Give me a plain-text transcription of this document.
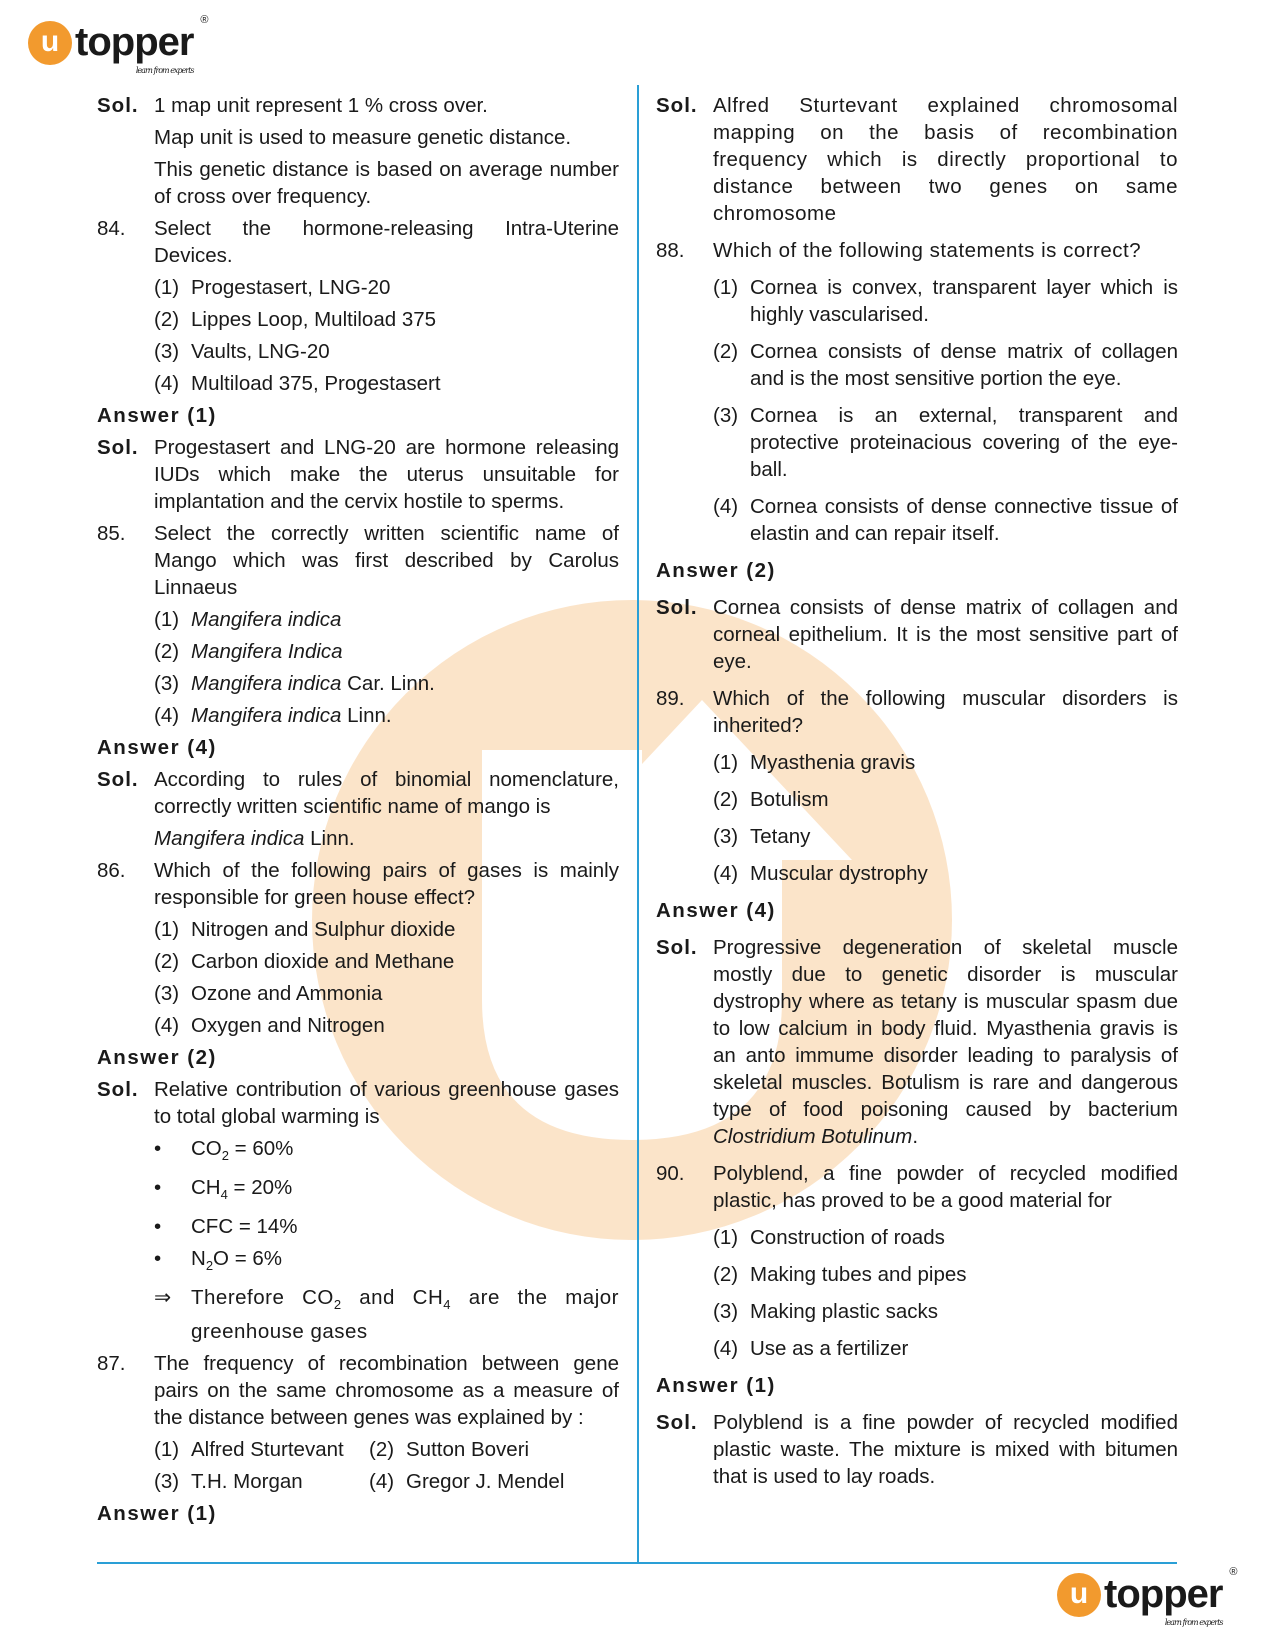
u topper ®
learn from experts
Sol. 1 map unit represent 1 % cross over.
Map unit is used to measure genetic distance.
This genetic distance is based on average number of cross over frequency.
84.	Select the hormone-releasing Intra-Uterine Devices.
(1) Progestasert, LNG-20
(2) Lippes Loop, Multiload 375
(3) Vaults, LNG-20
(4) Multiload 375, Progestasert
Answer (1)
Sol. Progestasert and LNG-20 are hormone releasing IUDs which make the uterus unsuitable for implantation and the cervix hostile to sperms.
85.	Select the correctly written scientific name of Mango which was first described by Carolus Linnaeus
(1) Mangifera indica
(2) Mangifera Indica
(3) Mangifera indica Car. Linn.
(4) Mangifera indica Linn.
Answer (4)
Sol. According to rules of binomial nomenclature, correctly written scientific name of mango is
Mangifera indica Linn.
86.	Which of the following pairs of gases is mainly responsible for green house effect?
(1) Nitrogen and Sulphur dioxide
(2) Carbon dioxide and Methane
(3) Ozone and Ammonia
(4) Oxygen and Nitrogen
Answer (2)
Sol. Relative contribution of various greenhouse gases to total global warming is
•	$CO_2 = 60\%$
•	$CH_4 = 20\%$
•	CFC = 14%
•	$N_2O = 6\%$
⇒ Therefore $CO_2$ and $CH_4$ are the major greenhouse gases
87.	The frequency of recombination between gene pairs on the same chromosome as a measure of the distance between genes was explained by :
(1) Alfred Sturtevant (2) Sutton Boveri
(3) T.H. Morgan	(4) Gregor J. Mendel
Answer (1)
Sol. Alfred Sturtevant explained chromosomal mapping on the basis of recombination frequency which is directly proportional to distance between two genes on same chromosome
88.	Which of the following statements is correct?
(1) Cornea is convex, transparent layer which is highly vascularised.
(2) Cornea consists of dense matrix of collagen and is the most sensitive portion the eye.
(3) Cornea is an external, transparent and protective proteinacious covering of the eye-ball.
(4) Cornea consists of dense connective tissue of elastin and can repair itself.
Answer (2)
Sol. Cornea consists of dense matrix of collagen and corneal epithelium. It is the most sensitive part of eye.
89.	Which of the following muscular disorders is inherited?
(1) Myasthenia gravis
(2) Botulism
(3) Tetany
(4) Muscular dystrophy
Answer (4)
Sol. Progressive degeneration of skeletal muscle mostly due to genetic disorder is muscular dystrophy where as tetany is muscular spasm due to low calcium in body fluid. Myasthenia gravis is an anto immume disorder leading to paralysis of skeletal muscles. Botulism is rare and dangerous type of food poisoning caused by bacterium Clostridium Botulinum.
90.	Polyblend, a fine powder of recycled modified plastic, has proved to be a good material for
(1) Construction of roads
(2) Making tubes and pipes
(3) Making plastic sacks
(4) Use as a fertilizer
Answer (1)
Sol. Polyblend is a fine powder of recycled modified plastic waste. The mixture is mixed with bitumen that is used to lay roads.
u topper ®
learn from experts
